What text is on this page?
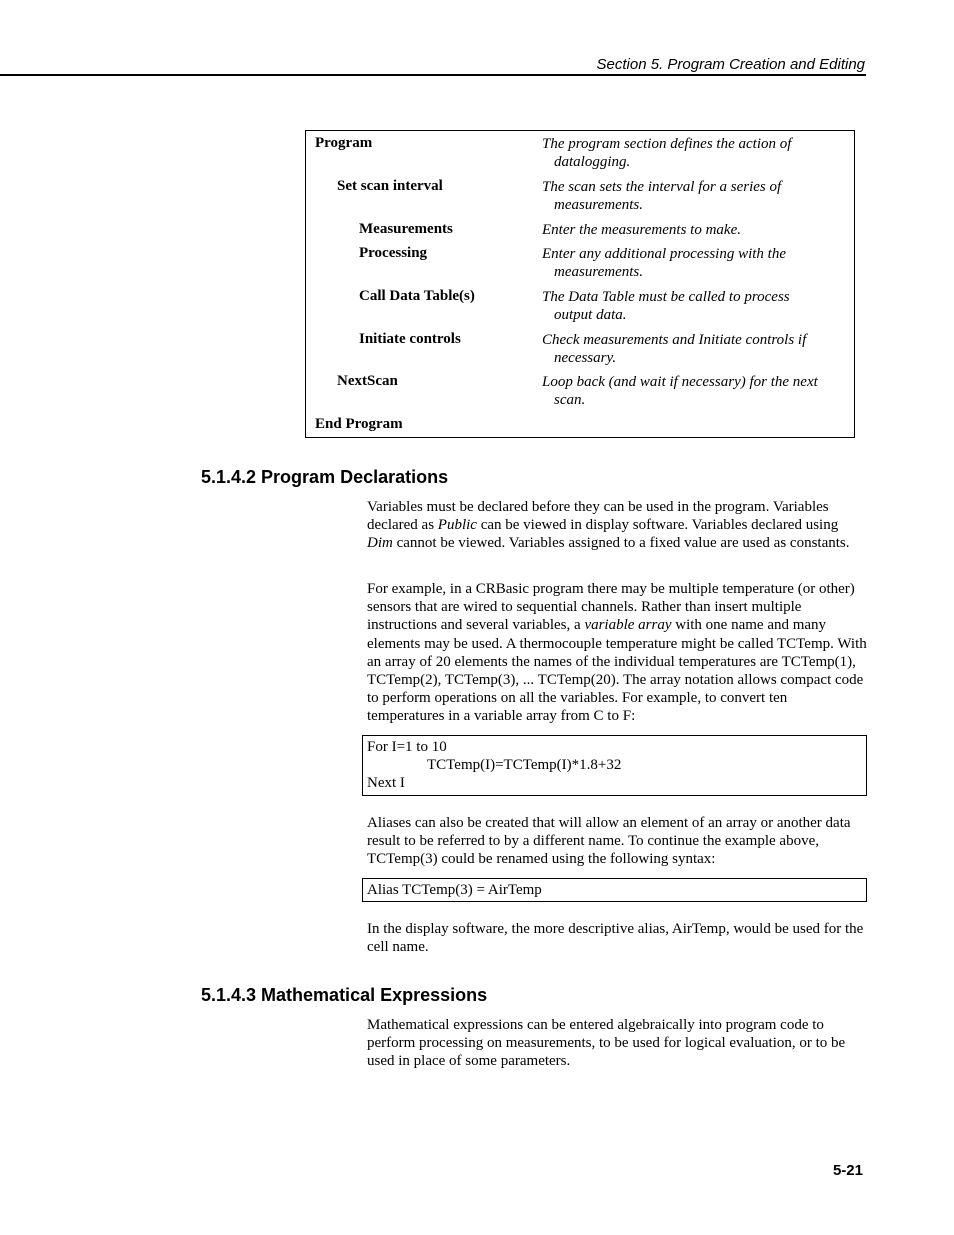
Section 5. Program Creation and Editing
Program	The program section defines the action of
datalogging.
Set scan interval	The scan sets the interval for a series of
measurements.
Measurements	Enter the measurements to make.
Processing	Enter any additional processing with the
measurements.
Call Data Table(s)	The Data Table must be called to process
output data.
Initiate controls	Check measurements and Initiate controls if
necessary.
NextScan	Loop back (and wait if necessary) for the next
scan.
End Program
5.1.4.2 Program Declarations
Variables must be declared before they can be used in the program. Variables declared as Public can be viewed in display software. Variables declared using Dim cannot be viewed. Variables assigned to a fixed value are used as constants.
For example, in a CRBasic program there may be multiple temperature (or other) sensors that are wired to sequential channels. Rather than insert multiple instructions and several variables, a variable array with one name and many elements may be used. A thermocouple temperature might be called TCTemp. With an array of 20 elements the names of the individual temperatures are TCTemp(1), TCTemp(2), TCTemp(3), ... TCTemp(20). The array notation allows compact code to perform operations on all the variables. For example, to convert ten temperatures in a variable array from C to F:
For I=1 to 10
TCTemp(I)=TCTemp(I)*1.8+32
Next I
Aliases can also be created that will allow an element of an array or another data result to be referred to by a different name. To continue the example above, TCTemp(3) could be renamed using the following syntax:
Alias TCTemp(3) = AirTemp
In the display software, the more descriptive alias, AirTemp, would be used for the cell name.
5.1.4.3 Mathematical Expressions
Mathematical expressions can be entered algebraically into program code to perform processing on measurements, to be used for logical evaluation, or to be used in place of some parameters.
5-21
